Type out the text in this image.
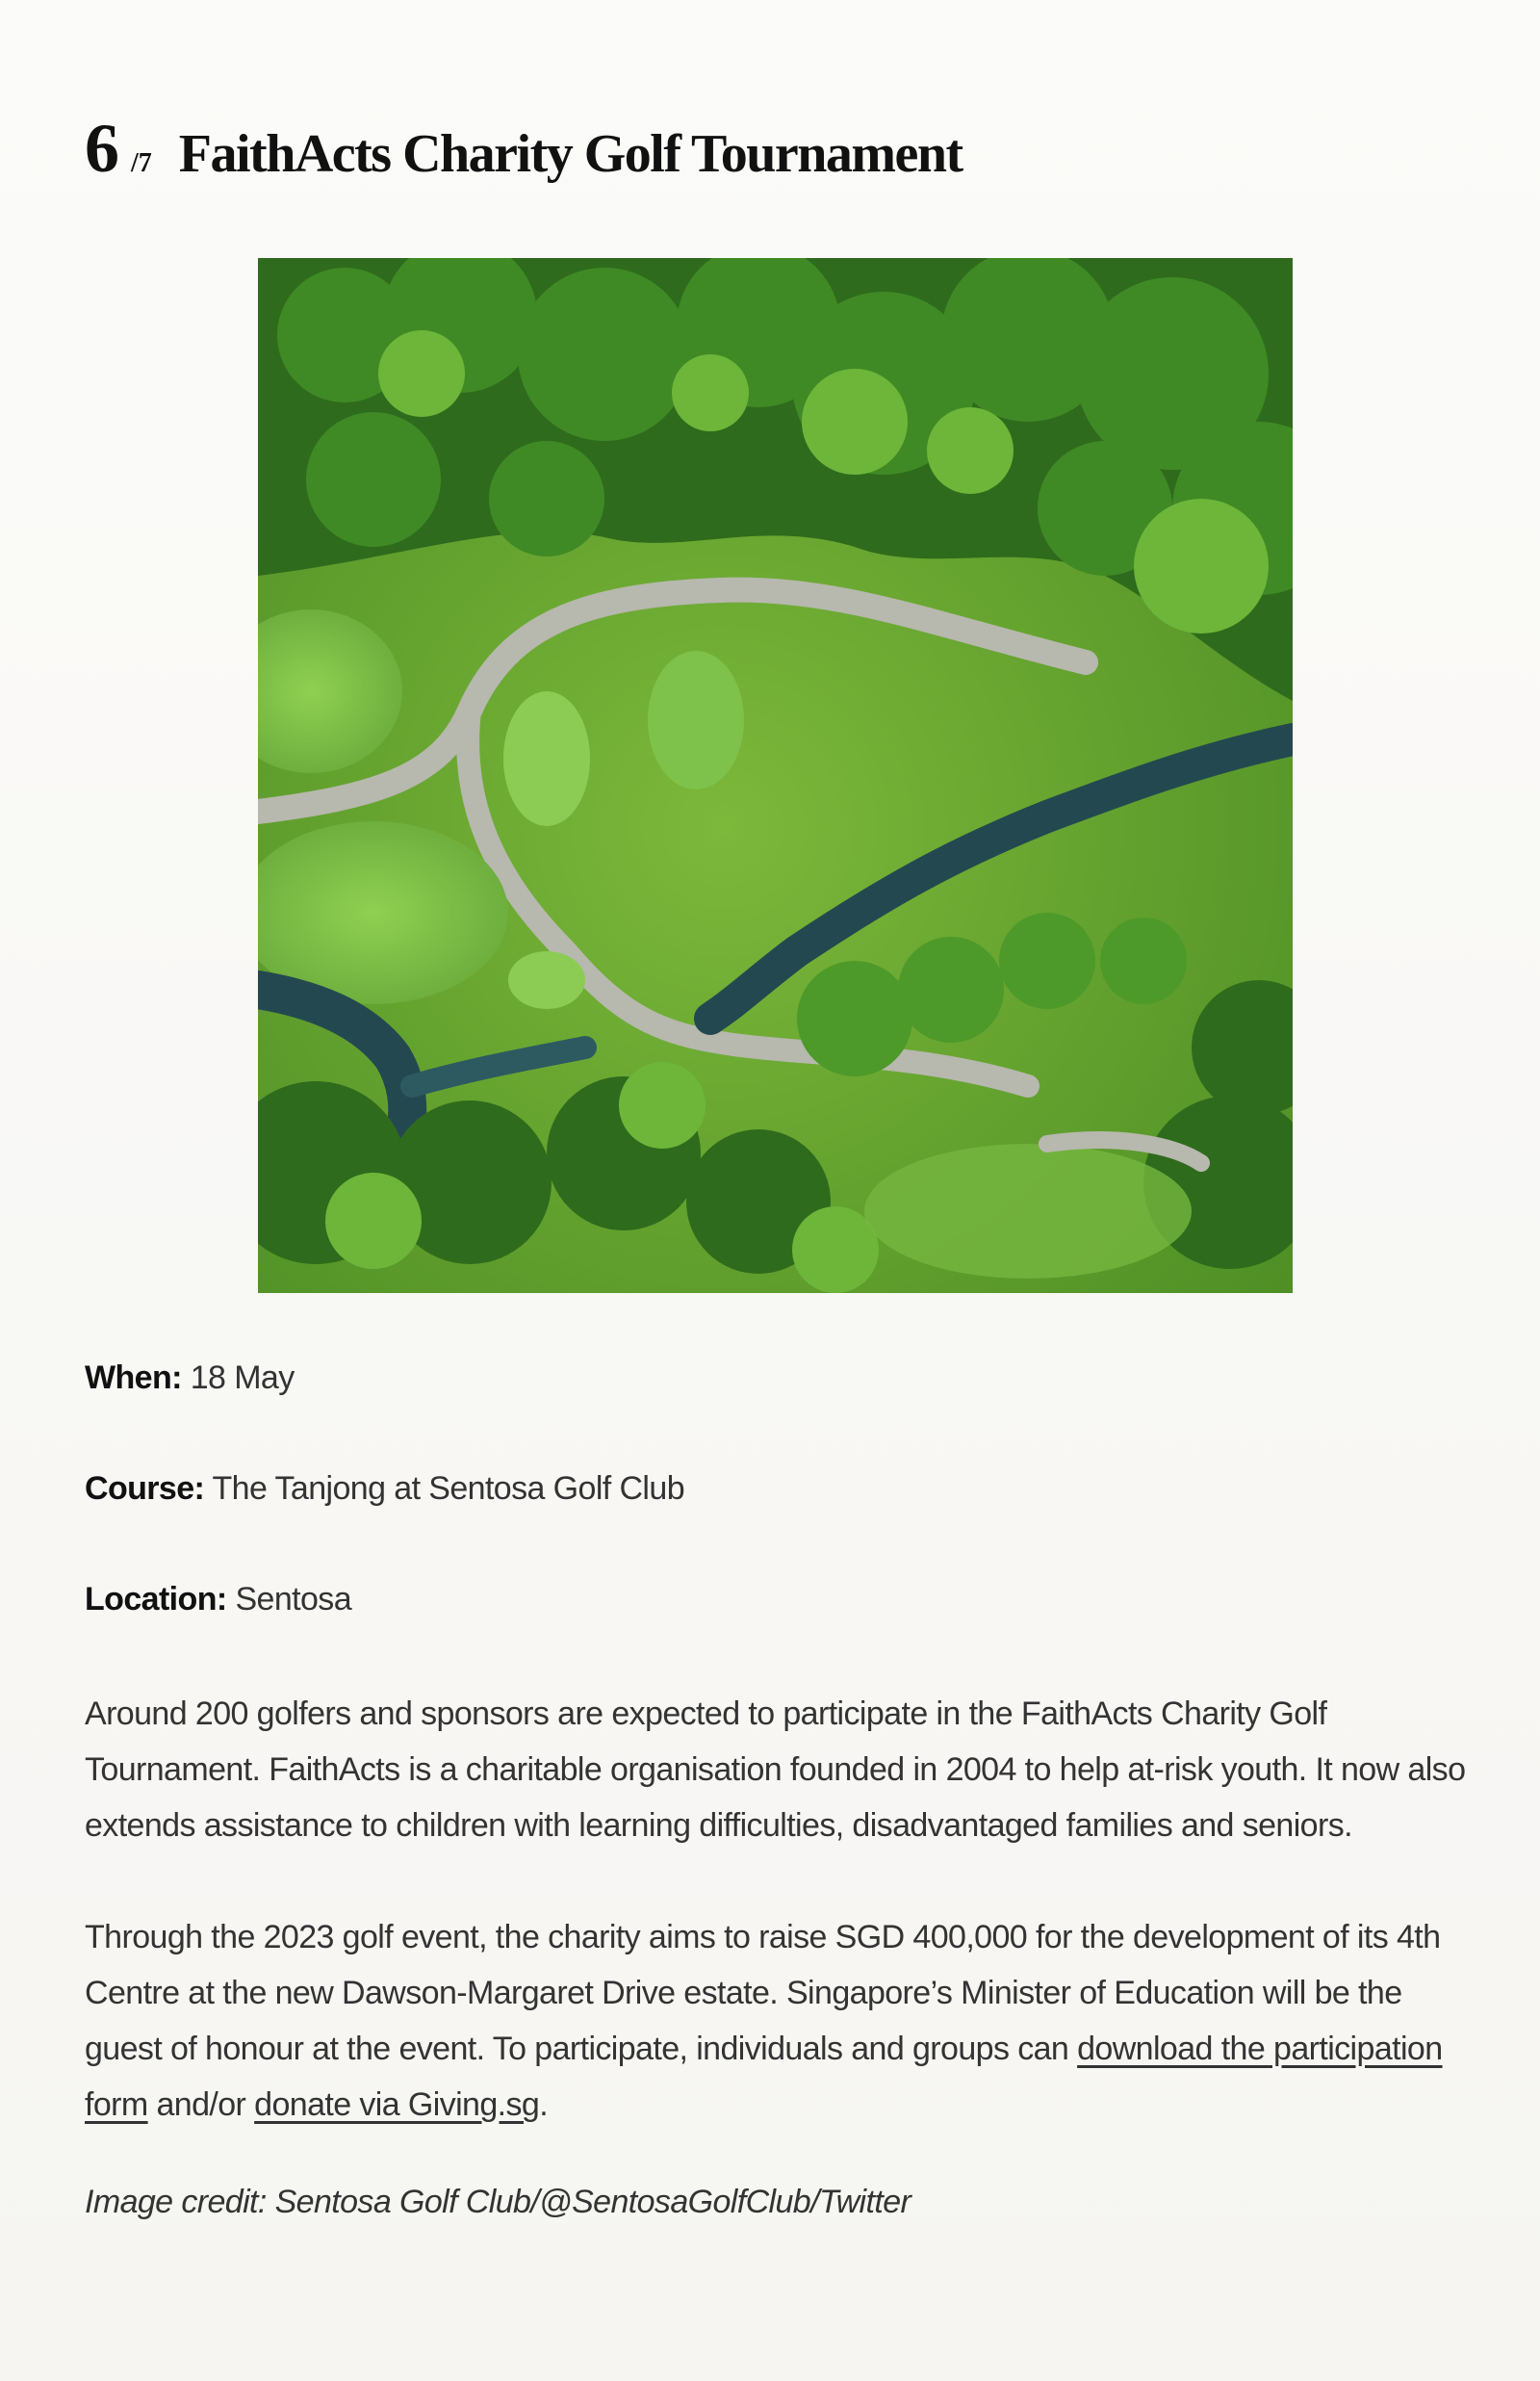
6 /7 FaithActs Charity Golf Tournament
When: 18 May
Course: The Tanjong at Sentosa Golf Club
Location: Sentosa

Around 200 golfers and sponsors are expected to participate in the FaithActs Charity Golf Tournament. FaithActs is a charitable organisation founded in 2004 to help at-risk youth. It now also extends assistance to children with learning difficulties, disadvantaged families and seniors.

Through the 2023 golf event, the charity aims to raise SGD 400,000 for the development of its 4th Centre at the new Dawson-Margaret Drive estate. Singapore’s Minister of Education will be the guest of honour at the event. To participate, individuals and groups can download the participation form and/or donate via Giving.sg.

Image credit: Sentosa Golf Club/@SentosaGolfClub/Twitter
